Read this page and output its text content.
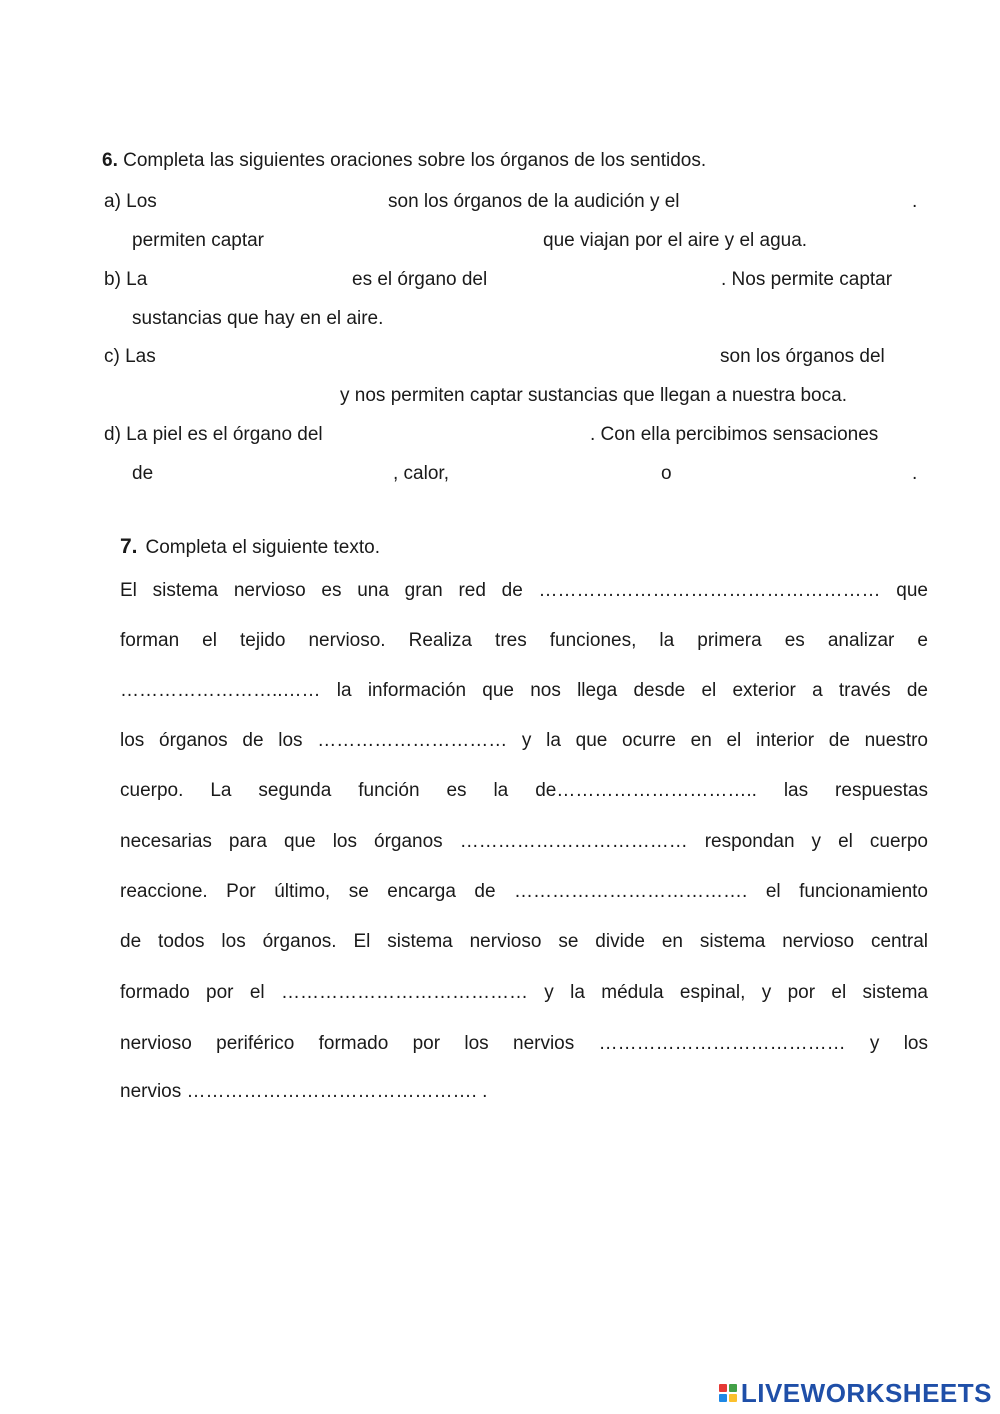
6. Completa las siguientes oraciones sobre los órganos de los sentidos.
a) Los	son los órganos de la audición y el	.
permiten captar	que viajan por el aire y el agua.
b) La	es el órgano del	. Nos permite captar
sustancias que hay en el aire.
c) Las	son los órganos del
y nos permiten captar sustancias que llegan a nuestra boca.
d) La piel es el órgano del	. Con ella percibimos sensaciones
de	, calor,	o	.
7. Completa el siguiente texto.
El sistema nervioso es una gran red de ……………………………………………… que
forman el tejido nervioso. Realiza tres funciones, la primera es analizar e
……………………..…… la información que nos llega desde el exterior a través de
los órganos de los ………………………… y la que ocurre en el interior de nuestro
cuerpo. La segunda función es la de………………………….. las respuestas
necesarias para que los órganos ……………………………… respondan y el cuerpo
reaccione. Por último, se encarga de ………………………………. el funcionamiento
de todos los órganos. El sistema nervioso se divide en sistema nervioso central
formado por el ………………………………… y la médula espinal, y por el sistema
nervioso periférico formado por los nervios ………………………………… y los
nervios ………………………………………. .
LIVEWORKSHEETS
